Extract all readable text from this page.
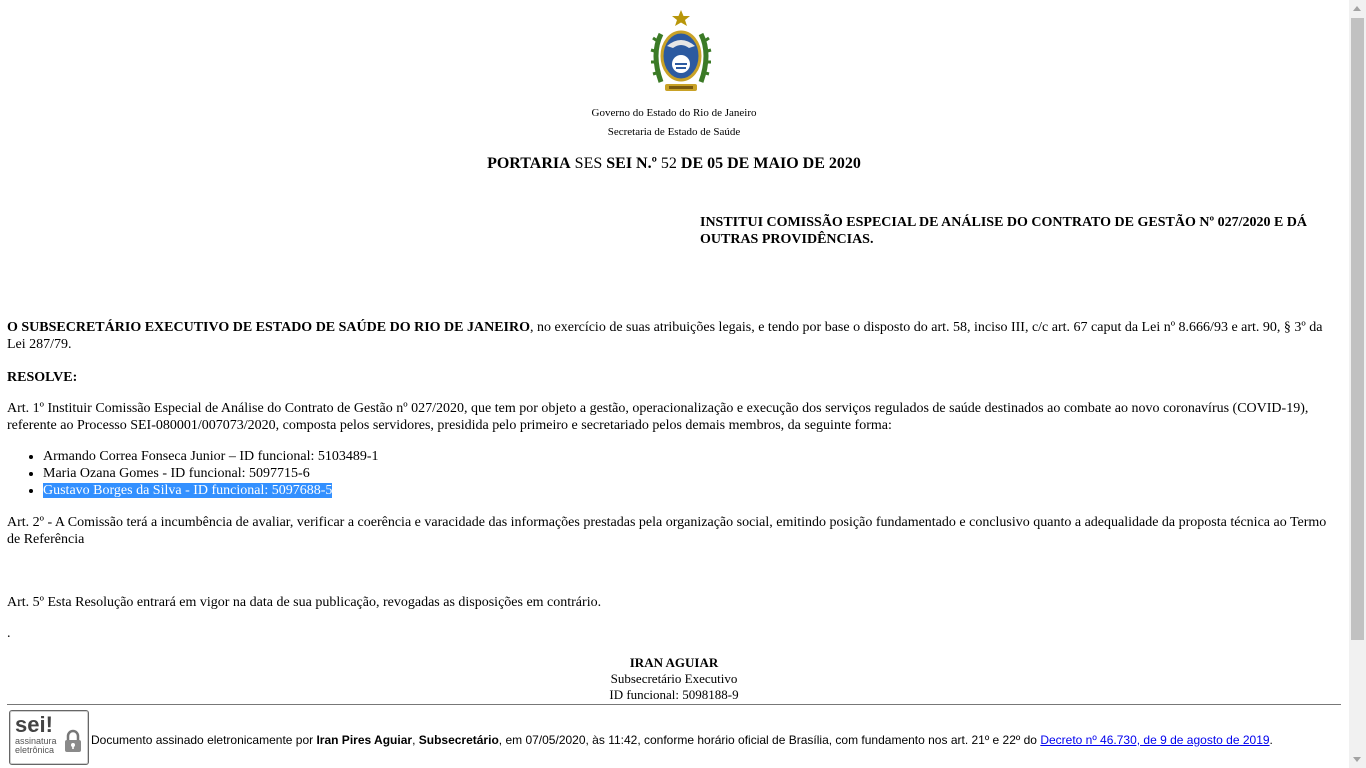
Governo do Estado do Rio de Janeiro
Secretaria de Estado de Saúde
PORTARIA SES SEI N.º 52 DE 05 DE MAIO DE 2020
INSTITUI COMISSÃO ESPECIAL DE ANÁLISE DO CONTRATO DE GESTÃO Nº 027/2020 E DÁ OUTRAS PROVIDÊNCIAS.
O SUBSECRETÁRIO EXECUTIVO DE ESTADO DE SAÚDE DO RIO DE JANEIRO, no exercício de suas atribuições legais, e tendo por base o disposto do art. 58, inciso III, c/c art. 67 caput da Lei nº 8.666/93 e art. 90, § 3º da Lei 287/79.
RESOLVE:
Art. 1º Instituir Comissão Especial de Análise do Contrato de Gestão nº 027/2020, que tem por objeto a gestão, operacionalização e execução dos serviços regulados de saúde destinados ao combate ao novo coronavírus (COVID-19), referente ao Processo SEI-080001/007073/2020, composta pelos servidores, presidida pelo primeiro e secretariado pelos demais membros, da seguinte forma:
• Armando Correa Fonseca Junior – ID funcional: 5103489-1
• Maria Ozana Gomes - ID funcional: 5097715-6
• Gustavo Borges da Silva - ID funcional: 5097688-5
Art. 2º - A Comissão terá a incumbência de avaliar, verificar a coerência e varacidade das informações prestadas pela organização social, emitindo posição fundamentado e conclusivo quanto a adequalidade da proposta técnica ao Termo de Referência
Art. 5º Esta Resolução entrará em vigor na data de sua publicação, revogadas as disposições em contrário.
.
IRAN AGUIAR
Subsecretário Executivo
ID funcional: 5098188-9
sei!
assinatura eletrônica
Documento assinado eletronicamente por Iran Pires Aguiar, Subsecretário, em 07/05/2020, às 11:42, conforme horário oficial de Brasília, com fundamento nos art. 21º e 22º do Decreto nº 46.730, de 9 de agosto de 2019.
